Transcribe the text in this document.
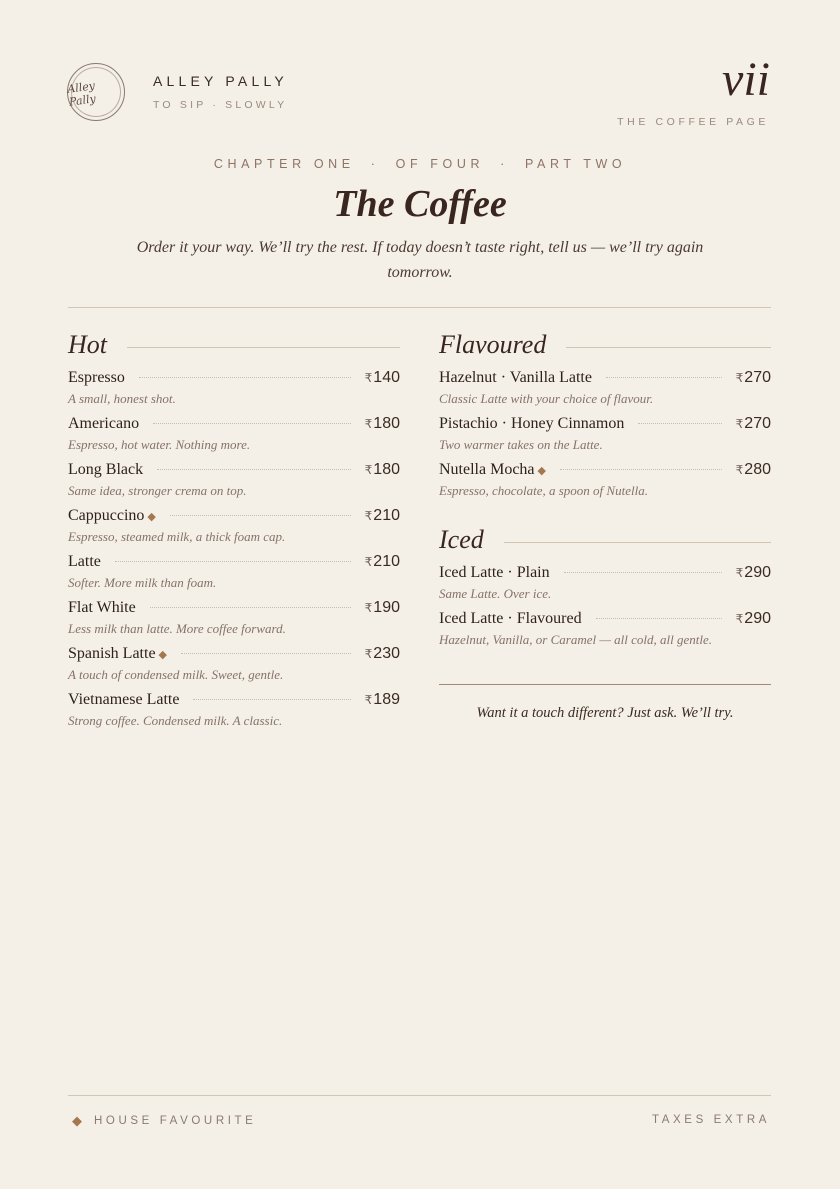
Alley Pally
ALLEY PALLY
TO SIP · SLOWLY	vii
THE COFFEE PAGE
CHAPTER ONE · OF FOUR · PART TWO
The Coffee

Order it your way. We’ll try the rest. If today doesn’t taste right, tell us — we’ll try again tomorrow.

Hot
Espresso	₹140
A small, honest shot.
Americano	₹180
Espresso, hot water. Nothing more.
Long Black	₹180
Same idea, stronger crema on top.
Cappuccino ◆	₹210
Espresso, steamed milk, a thick foam cap.
Latte	₹210
Softer. More milk than foam.
Flat White	₹190
Less milk than latte. More coffee forward.
Spanish Latte ◆	₹230
A touch of condensed milk. Sweet, gentle.
Vietnamese Latte	₹189
Strong coffee. Condensed milk. A classic.
Flavoured
Hazelnut · Vanilla Latte	₹270
Classic Latte with your choice of flavour.
Pistachio · Honey Cinnamon	₹270
Two warmer takes on the Latte.
Nutella Mocha ◆	₹280
Espresso, chocolate, a spoon of Nutella.
Iced
Iced Latte · Plain	₹290
Same Latte. Over ice.
Iced Latte · Flavoured	₹290
Hazelnut, Vanilla, or Caramel — all cold, all gentle.
Want it a touch different? Just ask. We’ll try.
◆ HOUSE FAVOURITE	TAXES EXTRA
